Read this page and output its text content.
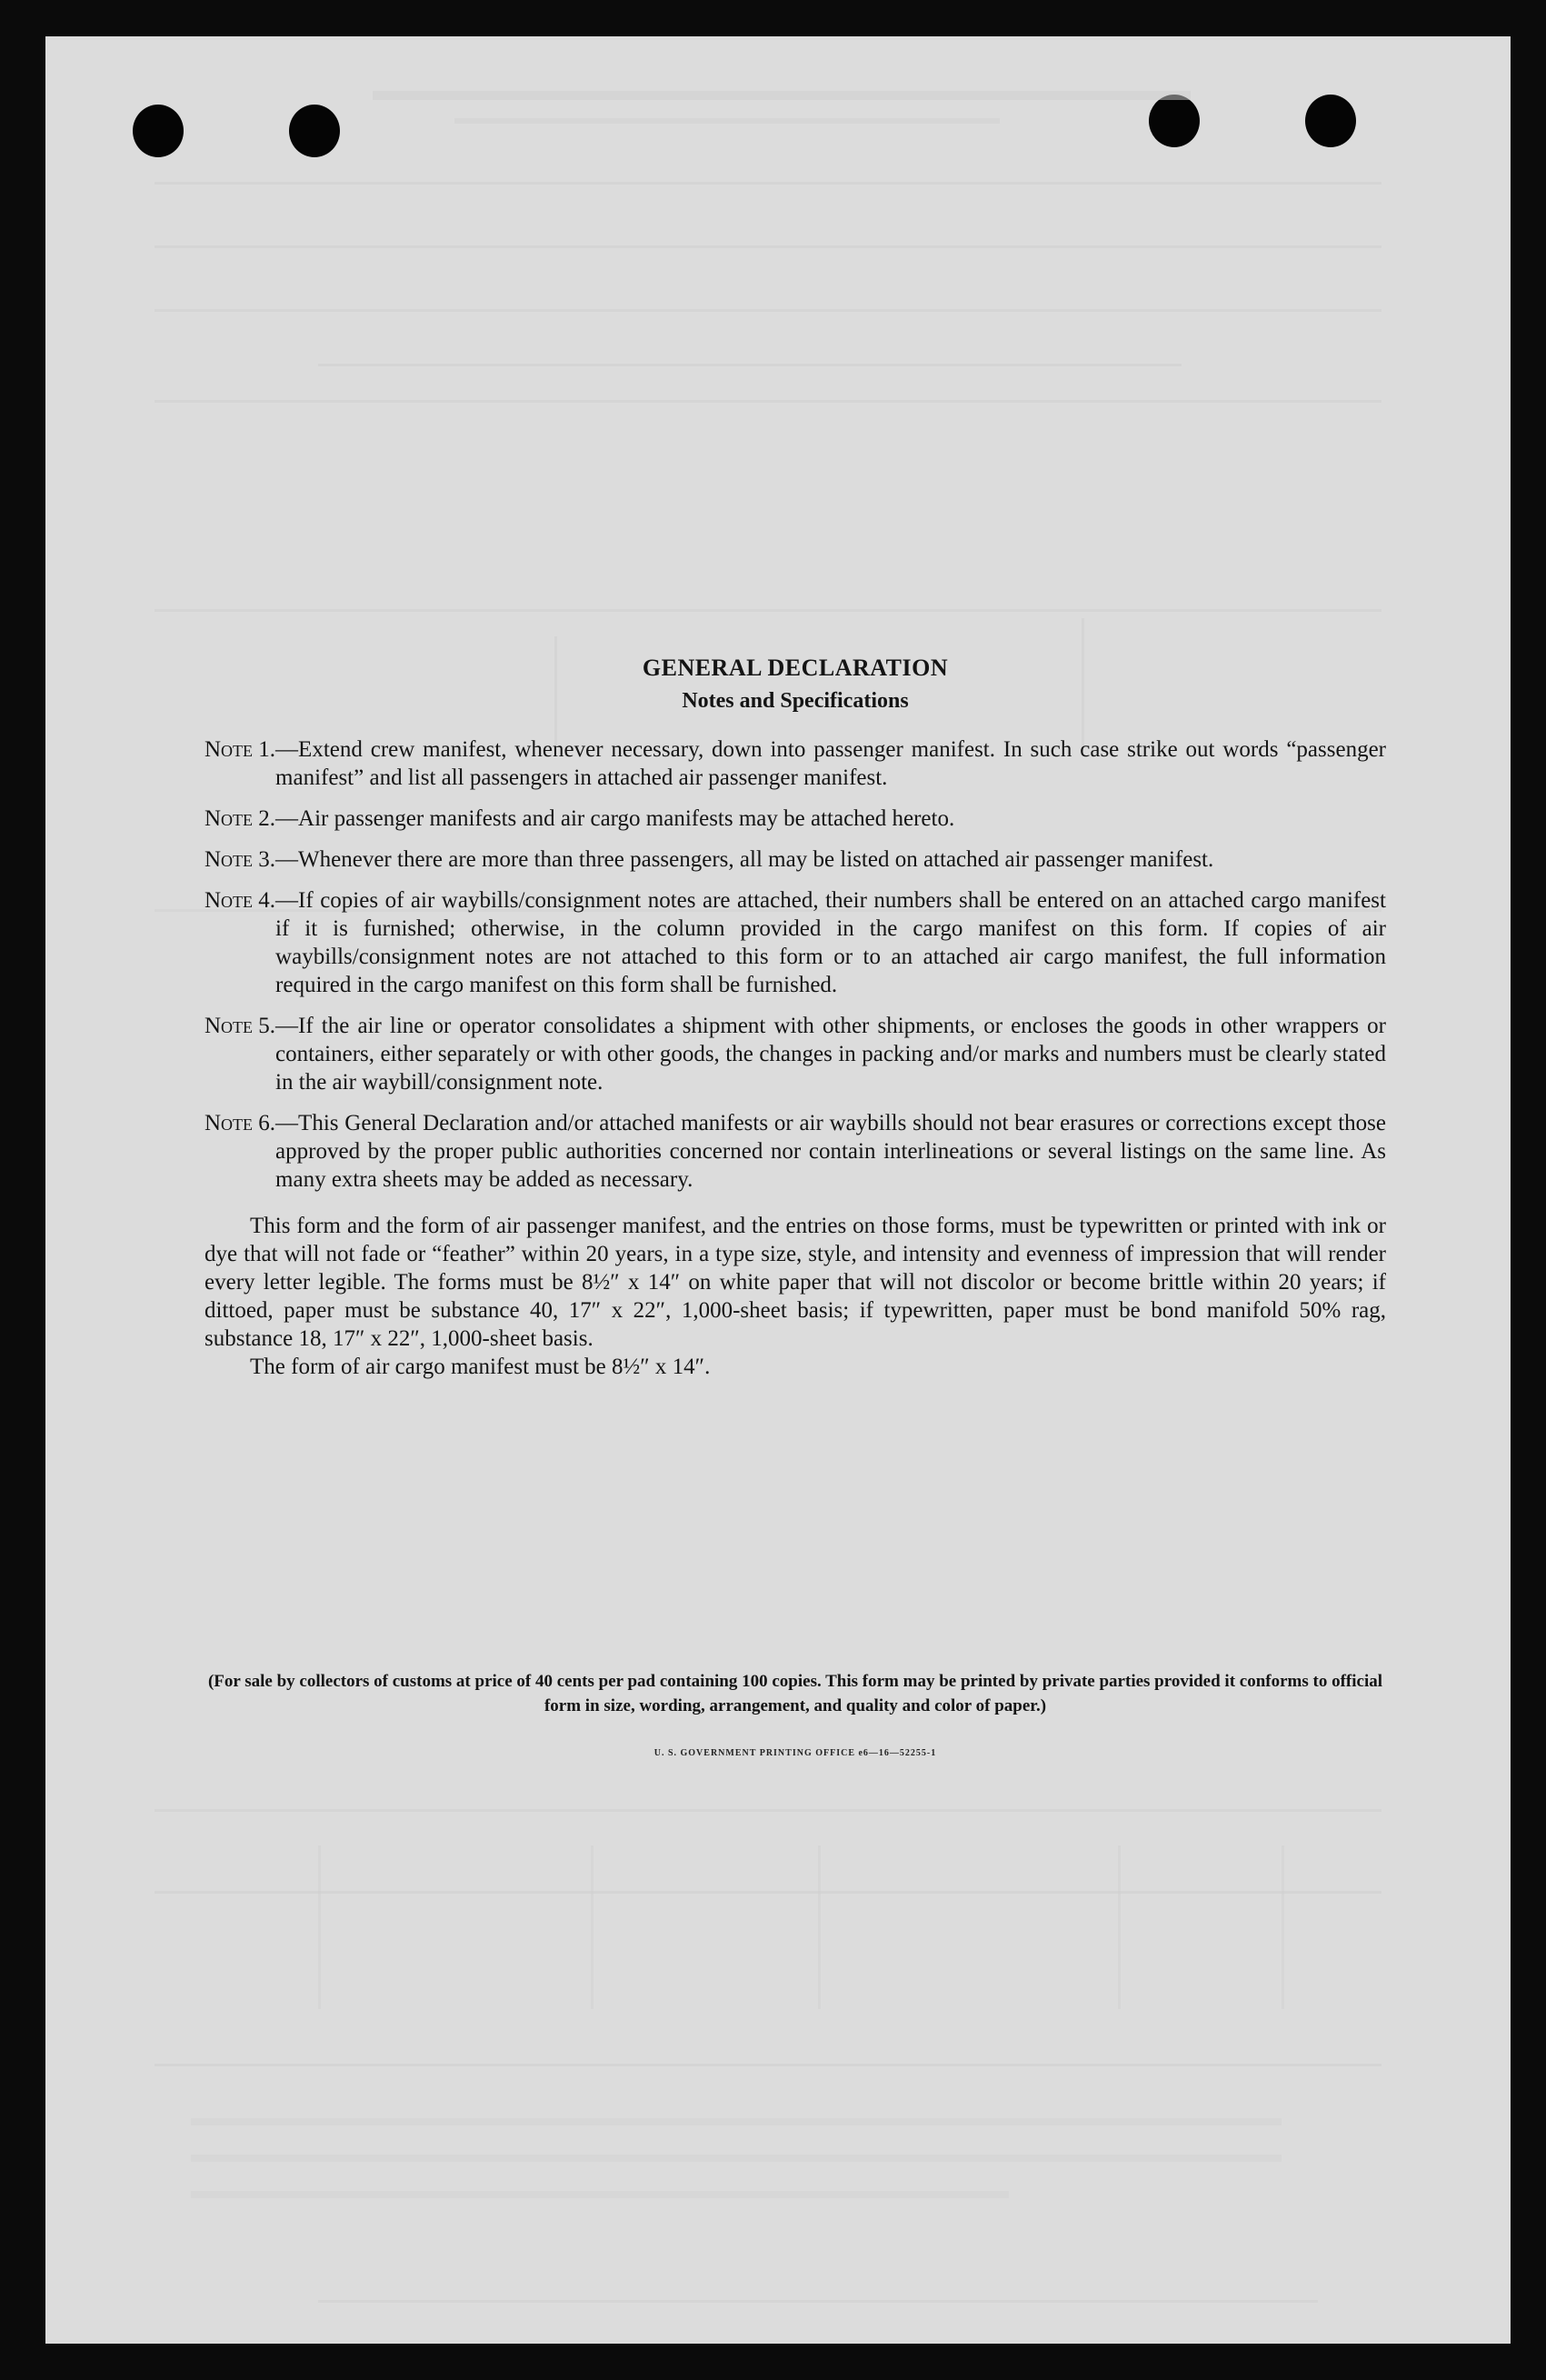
GENERAL DECLARATION
Notes and Specifications
Note 1. —Extend crew manifest, whenever necessary, down into passenger manifest. In such case strike out words “passenger manifest” and list all passengers in attached air passenger manifest.
Note 2. —Air passenger manifests and air cargo manifests may be attached hereto.
Note 3. —Whenever there are more than three passengers, all may be listed on attached air passenger manifest.
Note 4. —If copies of air waybills/consignment notes are attached, their numbers shall be entered on an attached cargo manifest if it is furnished; otherwise, in the column provided in the cargo manifest on this form. If copies of air waybills/consignment notes are not attached to this form or to an attached air cargo manifest, the full information required in the cargo manifest on this form shall be furnished.
Note 5. —If the air line or operator consolidates a shipment with other shipments, or encloses the goods in other wrappers or containers, either separately or with other goods, the changes in packing and/or marks and numbers must be clearly stated in the air waybill/consignment note.
Note 6. —This General Declaration and/or attached manifests or air waybills should not bear erasures or corrections except those approved by the proper public authorities concerned nor contain interlineations or several listings on the same line. As many extra sheets may be added as necessary.

This form and the form of air passenger manifest, and the entries on those forms, must be typewritten or printed with ink or dye that will not fade or “feather” within 20 years, in a type size, style, and intensity and evenness of impression that will render every letter legible. The forms must be 8½″ x 14″ on white paper that will not discolor or become brittle within 20 years; if dittoed, paper must be substance 40, 17″ x 22″, 1,000-sheet basis; if typewritten, paper must be bond manifold 50% rag, substance 18, 17″ x 22″, 1,000-sheet basis.

The form of air cargo manifest must be 8½″ x 14″.

(For sale by collectors of customs at price of 40 cents per pad containing 100 copies. This form may be printed by private parties provided it conforms to official form in size, wording, arrangement, and quality and color of paper.)
U. S. GOVERNMENT PRINTING OFFICE e6—16—52255-1
